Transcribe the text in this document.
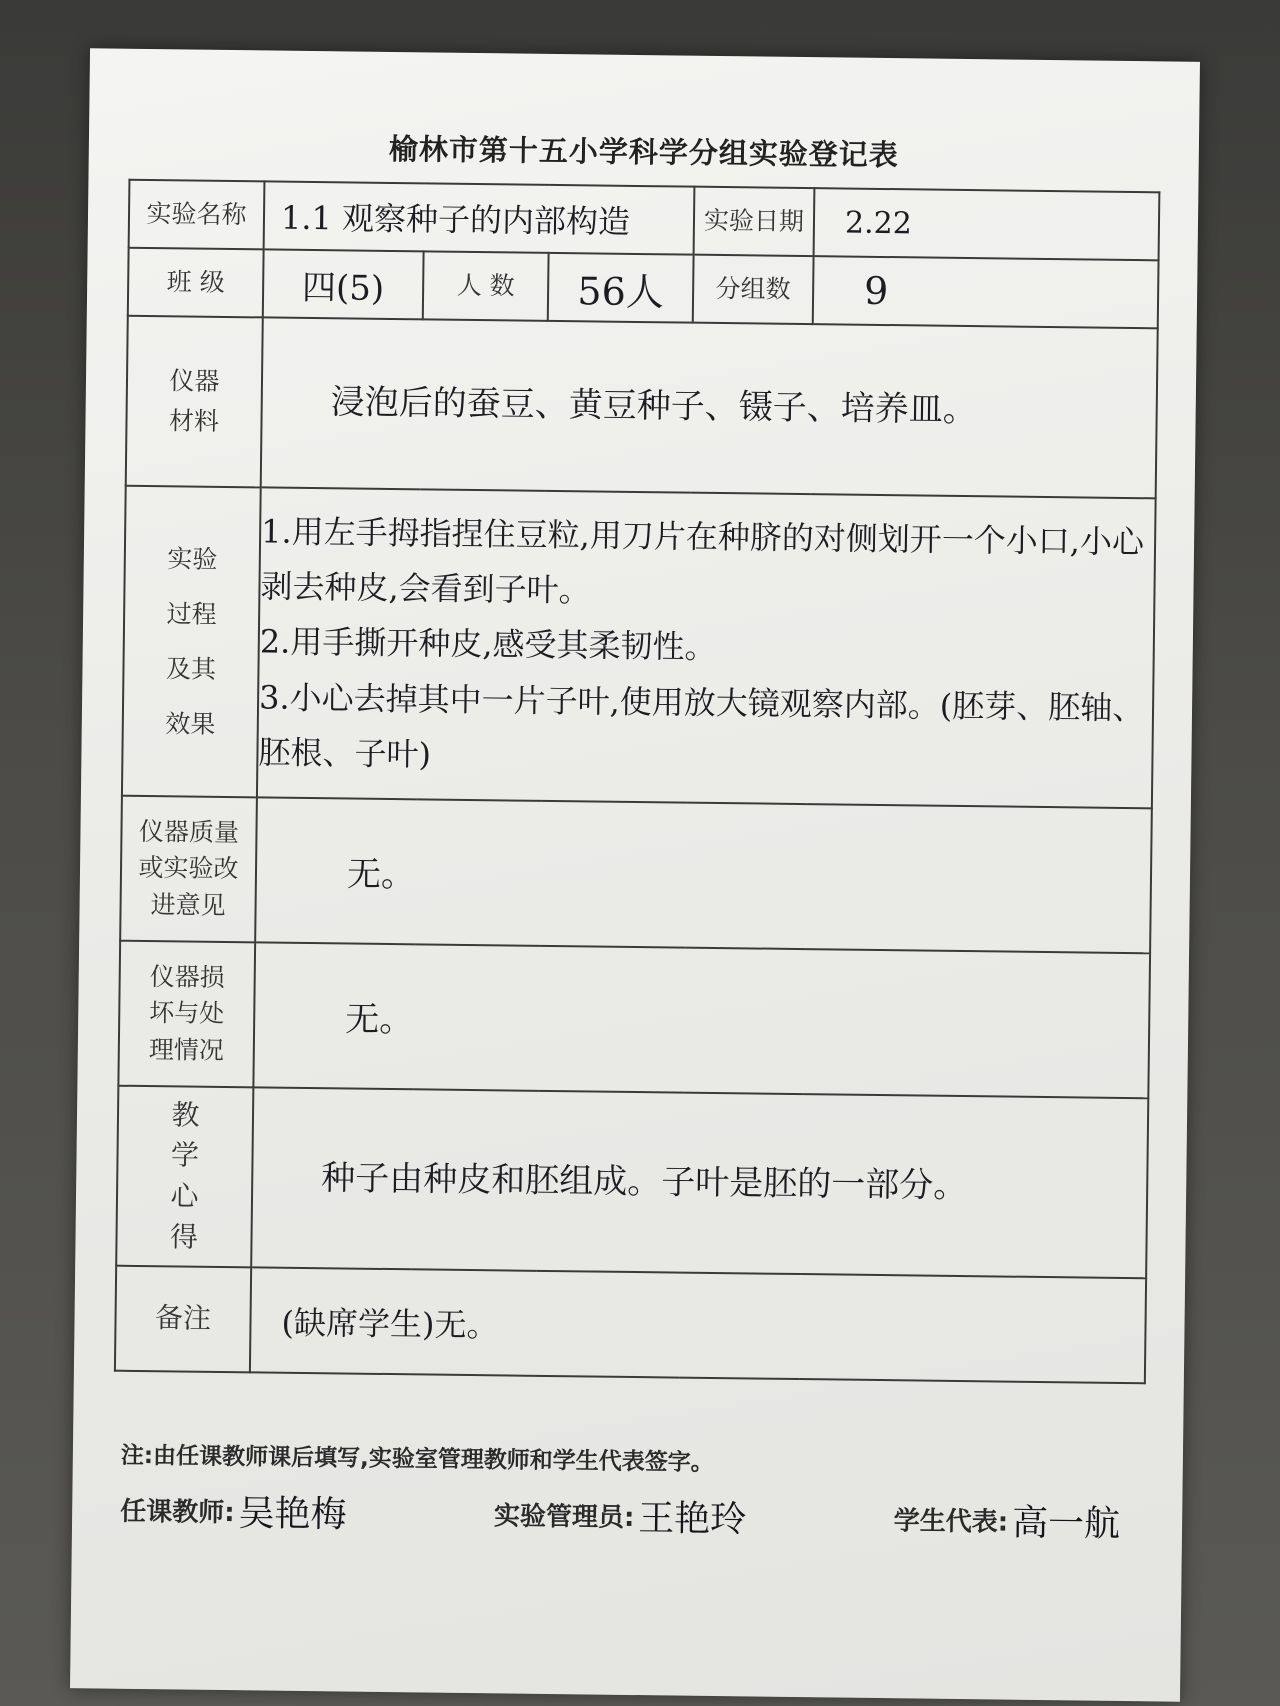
榆林市第十五小学科学分组实验登记表
实验名称	1.1 观察种子的内部构造			实验日期	2.22
班 级	四(5)	人 数	56人	分组数	9
仪器材料	浸泡后的蚕豆、黄豆种子、镊子、培养皿。				

实验过程及其效果	1.用左手拇指捏住豆粒,用刀片在种脐的对侧划开一个小口,小心剥去种皮,会看到子叶。

2.用手撕开种皮,感受其柔韧性。

3.小心去掉其中一片子叶,使用放大镜观察内部。(胚芽、胚轴、胚根、子叶)				

仪器质量或实验改进意见	无。				
仪器损坏与处理情况	无。				
教学心得	种子由种皮和胚组成。子叶是胚的一部分。				

备注	(缺席学生)无。				
注:由任课教师课后填写,实验室管理教师和学生代表签字。
任课教师: 吴艳梅	实验管理员: 王艳玲	学生代表: 高一航
